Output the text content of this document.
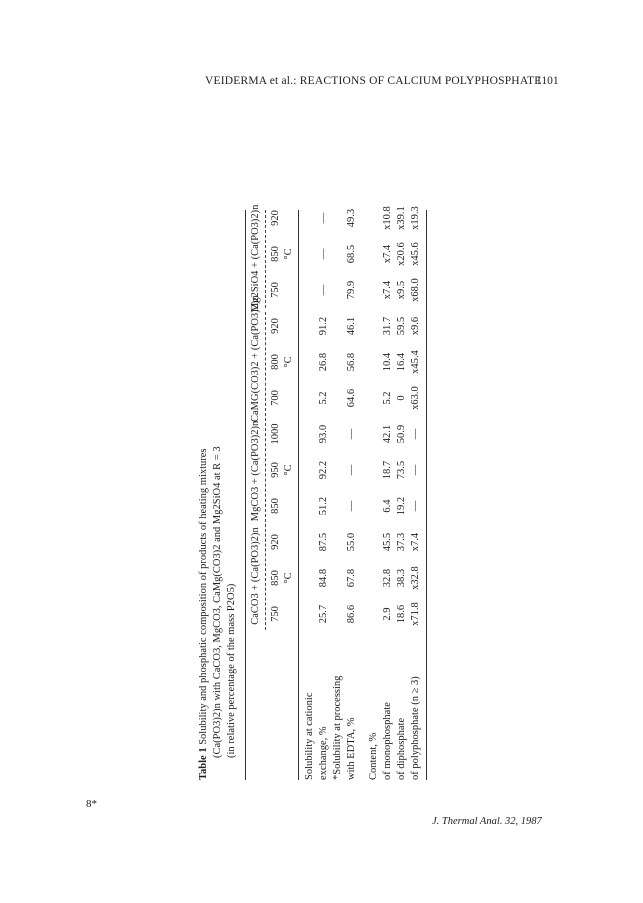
VEIDERMA et al.: REACTIONS OF CALCIUM POLYPHOSPHATE
1101
Table 1 Solubility and phosphatic composition of products of heating mixtures (Ca(PO3)2)n with CaCO3, MgCO3, CaMg(CO3)2 and Mg2SiO4 at R = 3 (in relative percentage of the mass P2O5)
CaCO3 + (Ca(PO3)2)n
MgCO3 + (Ca(PO3)2)n
CaMG(CO3)2 + (Ca(PO3)2)n
Mg2SiO4 + (Ca(PO3)2)n
750
850
920
850
950
1000
700
800
920
750
850
920
°C
°C
°C
°C
Solubility at cationic exchange, % *Solubility at processing with EDTA, % Content, % of monophosphate of diphosphate of polyphosphate (n ≥ 3)
25.7
84.8
87.5
51.2
92.2
93.0
5.2
26.8
91.2
—
—
—
86.6
67.8
55.0
—
—
—
64.6
56.8
46.1
79.9
68.5
49.3
2.9
32.8
45.5
6.4
18.7
42.1
5.2
10.4
31.7
x7.4
x7.4
x10.8
18.6
38.3
37.3
19.2
73.5
50.9
0
16.4
59.5
x9.5
x20.6
x39.1
x71.8
x32.8
x7.4
—
—
—
x63.0
x45.4
x9.6
x68.0
x45.6
x19.3
8*
J. Thermal Anal. 32, 1987
